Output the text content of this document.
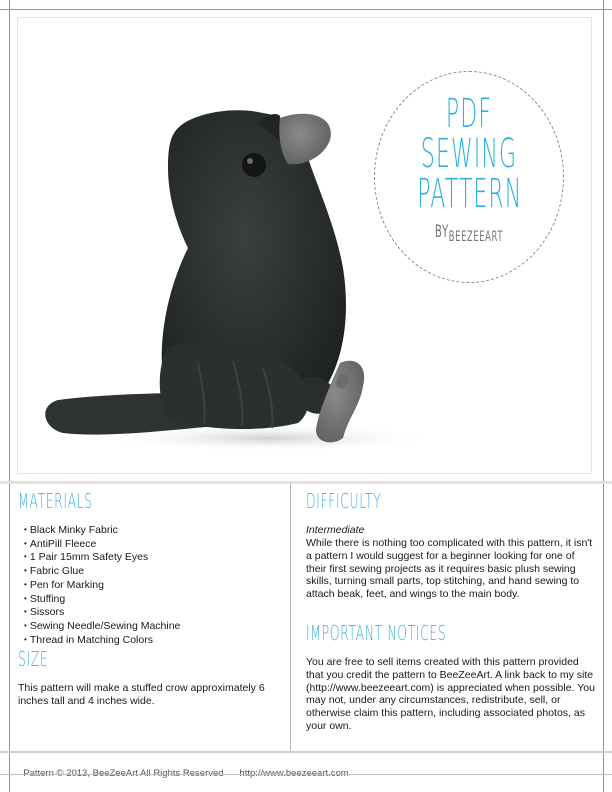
PDF
SEWING
PATTERN
$BY_{BEEZEEART}$
MATERIALS
• Black Minky Fabric
• AntiPill Fleece
• 1 Pair 15mm Safety Eyes
• Fabric Glue
• Pen for Marking
• Stuffing
• Sissors
• Sewing Needle/Sewing Machine
• Thread in Matching Colors
SIZE
This pattern will make a stuffed crow approximately 6 inches tall and 4 inches wide.
DIFFICULTY
Intermediate
While there is nothing too complicated with this pattern, it isn't a pattern I would suggest for a beginner looking for one of their first sewing projects as it requires basic plush sewing skills, turning small parts, top stitching, and hand sewing to attach beak, feet, and wings to the main body.
IMPORTANT NOTICES
You are free to sell items created with this pattern provided that you credit the pattern to BeeZeeArt. A link back to my site (http://www.beezeeart.com) is appreciated when possible. You may not, under any circumstances, redistribute, sell, or otherwise claim this pattern, including associated photos, as your own.
